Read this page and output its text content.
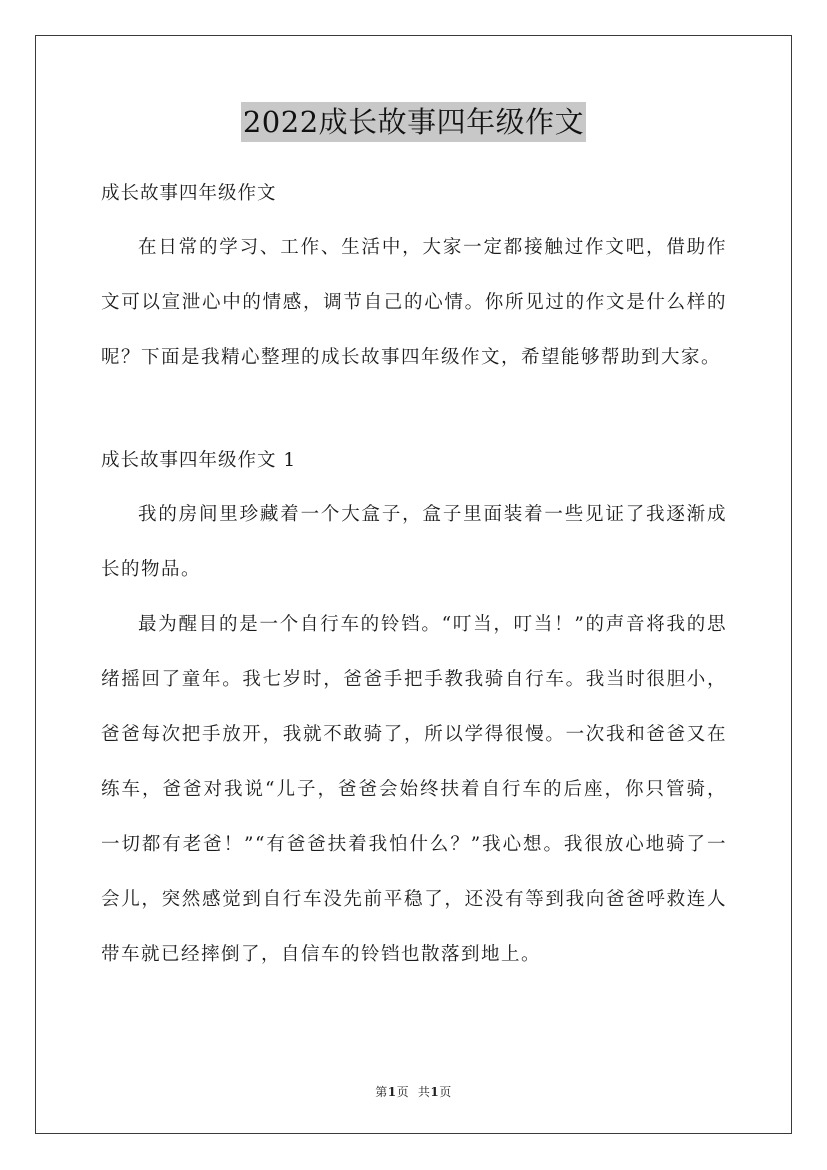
2022成长故事四年级作文

成长故事四年级作文

在日常的学习、工作、生活中，大家一定都接触过作文吧，借助作文可以宣泄心中的情感，调节自己的心情。你所见过的作文是什么样的呢？下面是我精心整理的成长故事四年级作文，希望能够帮助到大家。

成长故事四年级作文 1

我的房间里珍藏着一个大盒子，盒子里面装着一些见证了我逐渐成长的物品。

最为醒目的是一个自行车的铃铛。“叮当，叮当！”的声音将我的思绪摇回了童年。我七岁时，爸爸手把手教我骑自行车。我当时很胆小，爸爸每次把手放开，我就不敢骑了，所以学得很慢。一次我和爸爸又在练车，爸爸对我说“儿子，爸爸会始终扶着自行车的后座，你只管骑，一切都有老爸！”“有爸爸扶着我怕什么？”我心想。我很放心地骑了一会儿，突然感觉到自行车没先前平稳了，还没有等到我向爸爸呼救连人带车就已经摔倒了，自信车的铃铛也散落到地上。

第1页 共1页
